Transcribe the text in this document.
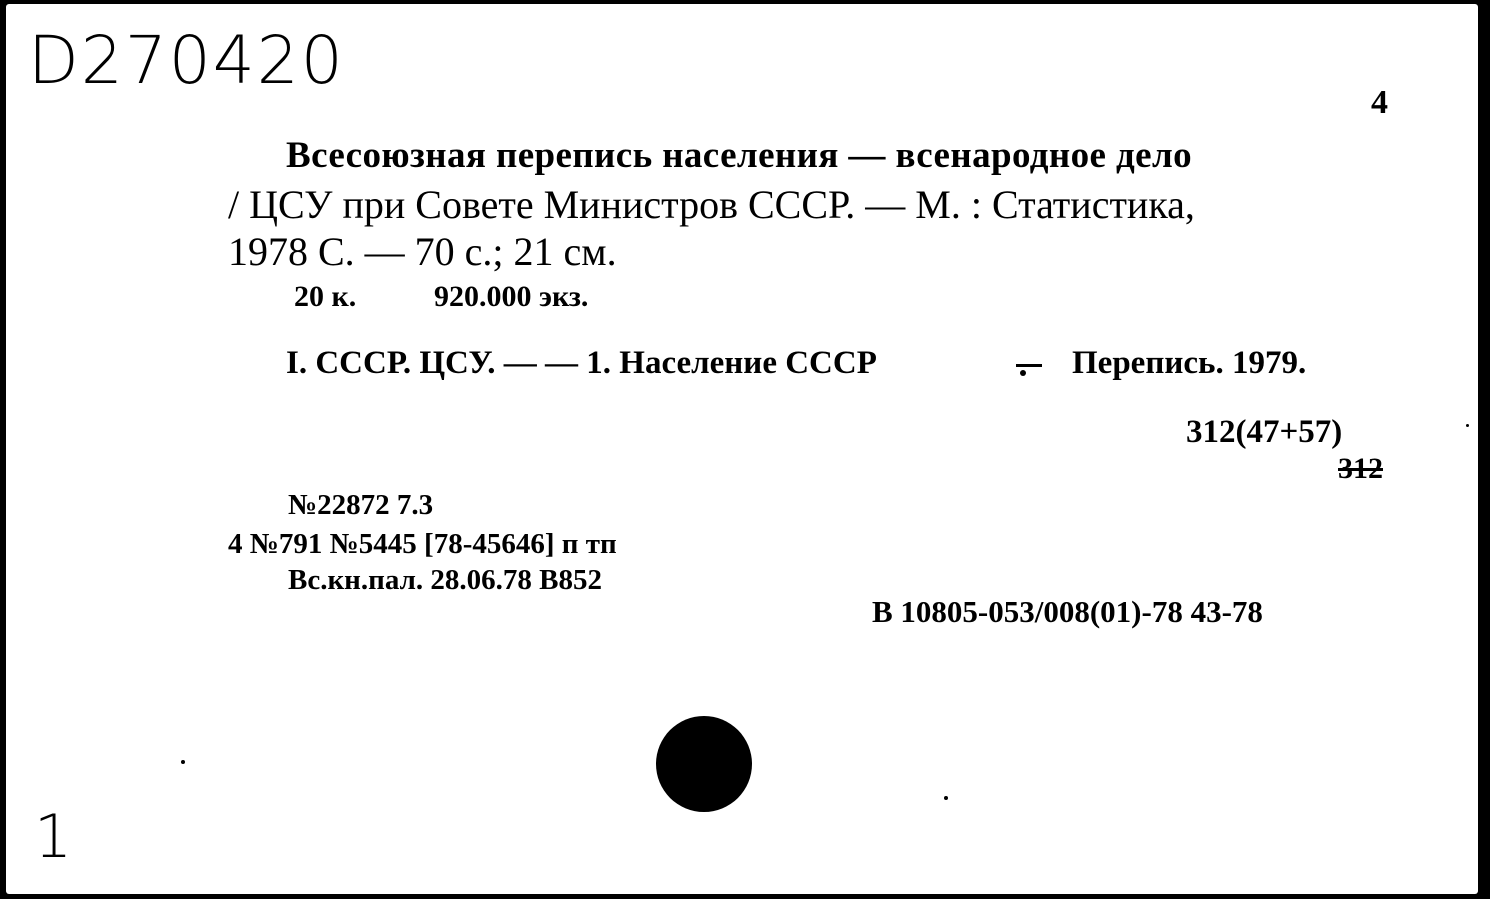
D270420
4
Всесоюзная перепись населения — всенародное дело
/ ЦСУ при Совете Министров СССР. — М. : Статистика,
1978 С. — 70 с.; 21 см.
20 к.	920.000 экз.
I. СССР. ЦСУ. — — 1. Население СССР	Перепись. 1979.
312(47+57)
312
№22872 7.3
4 №791 №5445 [78-45646] п тп
Вс.кн.пал. 28.06.78 В852
В 10805-053/008(01)-78 43-78
1
